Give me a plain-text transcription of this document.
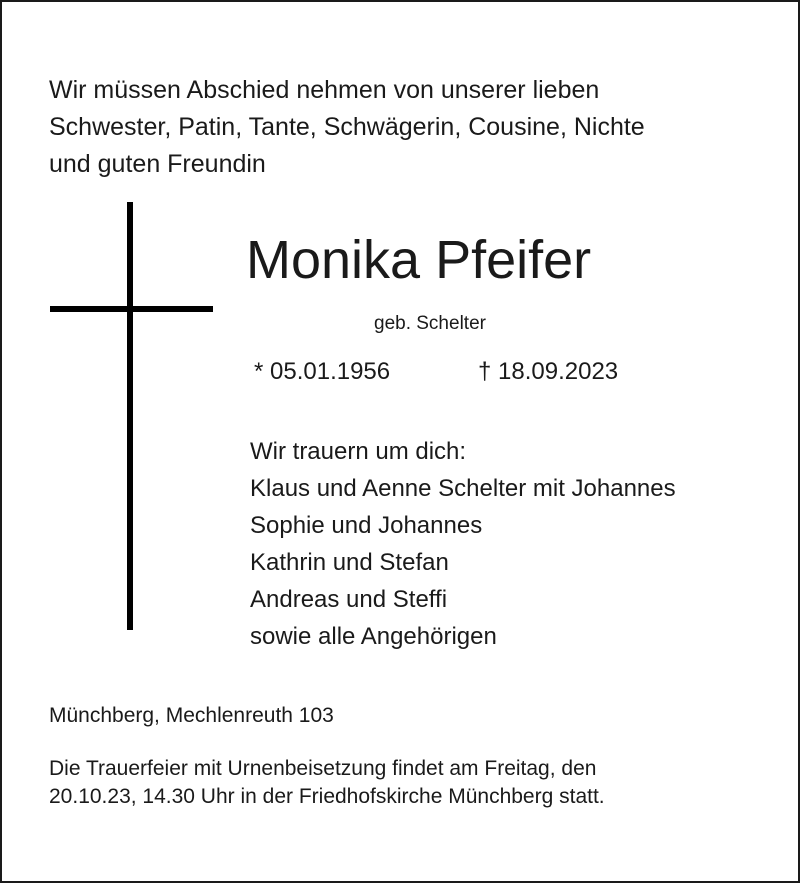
Wir müssen Abschied nehmen von unserer lieben
Schwester, Patin, Tante, Schwägerin, Cousine, Nichte
und guten Freundin
Monika Pfeifer
geb. Schelter
* 05.01.1956	† 18.09.2023
Wir trauern um dich:
Klaus und Aenne Schelter mit Johannes
Sophie und Johannes
Kathrin und Stefan
Andreas und Steffi
sowie alle Angehörigen
Münchberg, Mechlenreuth 103
Die Trauerfeier mit Urnenbeisetzung findet am Freitag, den
20.10.23, 14.30 Uhr in der Friedhofskirche Münchberg statt.
